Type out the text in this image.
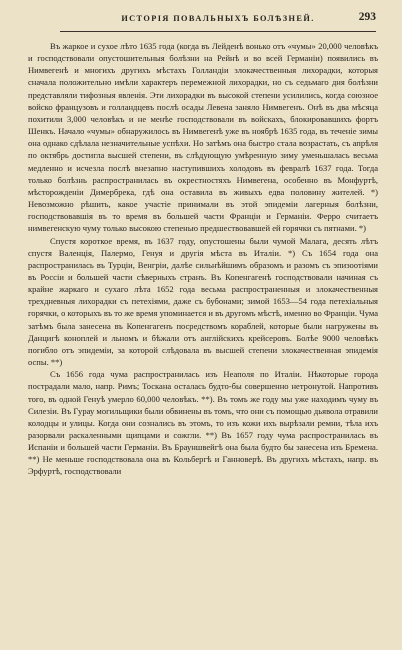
ИСТОРIЯ ПОВАЛЬНЫХЪ БОЛѢЗНЕЙ.	293

Въ жаркое и сухое лѣто 1635 года (когда въ Лейденѣ вонько отъ «чумы» 20,000 человѣкъ и господствовали опустошительныя болѣзни на Рейнѣ и во всей Германіи) появились въ Нимвегенѣ и многихъ другихъ мѣстахъ Голландіи злокачественныя лихорадки, которыя сначала положительно имѣли характеръ перемежной лихорадки, но съ седьмаго дня болѣзни представляли тифозныя явленія. Эти лихорадки въ высокой степени усилились, когда союзное войско французовъ и голландцевъ послѣ осады Левена заняло Нимвегенъ. Онѣ въ два мѣсяца похитили 3,000 человѣкъ и не менѣе господствовали въ войскахъ, блокировавшихъ фортъ Шенкъ. Начало «чумы» обнаружилось въ Нимвегенѣ уже въ ноябрѣ 1635 года, въ теченіе зимы она однако сдѣлала незначительные успѣхи. Но затѣмъ она быстро стала возрастать, съ апрѣля по октябрь достигла высшей степени, въ слѣдующую умѣренную зиму уменьшалась весьма медленно и исчезла послѣ внезапно наступившихъ холодовъ въ февралѣ 1637 года. Тогда только болѣзнь распространилась въ окрестностяхъ Нимвегена, особенно въ Монфуртѣ, мѣсторожденіи Димербрека, гдѣ она оставила въ живыхъ едва половину жителей. *) Невозможно рѣшить, какое участіе принимали въ этой эпидеміи лагерныя болѣзни, господствовавшія въ то время въ большей части Франціи и Германіи. Ферро считаетъ нимвегенскую чуму только высокою степенью предшествовавшей ей горячки съ пятнами. *)

Спустя короткое время, въ 1637 году, опустошены были чумой Малага, десять лѣтъ спустя Валенція, Палермо, Генуя и другія мѣста въ Италіи. *) Съ 1654 года она распространилась въ Турціи, Венгріи, далѣе сильнѣйшимъ образомъ и разомъ съ эпизоотіями въ Россіи и большей части сѣверныхъ странъ. Въ Копенгагенѣ господствовали начиная съ крайне жаркаго и сухаго лѣта 1652 года весьма распространенныя и злокачественныя трехдневныя лихорадки съ петехіями, даже съ бубонами; зимой 1653—54 года петехіальныя горячки, о которыхъ въ то же время упоминается и въ другомъ мѣстѣ, именно во Франціи. Чума затѣмъ была занесена въ Копенгагенъ посредствомъ кораблей, которые были нагружены въ Данцигѣ коноплей и льномъ и бѣжали отъ англійскихъ крейсеровъ. Болѣе 9000 человѣкъ погибло отъ эпидеміи, за которой слѣдовала въ высшей степени злокачественная эпидемія оспы. **)

Съ 1656 года чума распространилась изъ Неаполя по Италіи. Нѣкоторые города пострадали мало, напр. Римъ; Тоскана осталась будто-бы совершенно нетронутой. Напротивъ того, въ одной Генуѣ умерло 60,000 человѣкъ. **). Въ томъ же году мы уже находимъ чуму въ Силезіи. Въ Гурау могильщики были обвинены въ томъ, что они съ помощью дьявола отравили колодцы и улицы. Когда они сознались въ этомъ, то изъ кожи ихъ вырѣзали ремни, тѣла ихъ разорвали раскаленными щипцами и сожгли. **) Въ 1657 году чума распространилась въ Испаніи и большей части Германіи. Въ Брауншвейгѣ она была будто бы занесена изъ Бремена. **) Не меньше господствовала она въ Кольбергѣ и Ганноверѣ. Въ другихъ мѣстахъ, напр. въ Эрфуртѣ, господствовали
